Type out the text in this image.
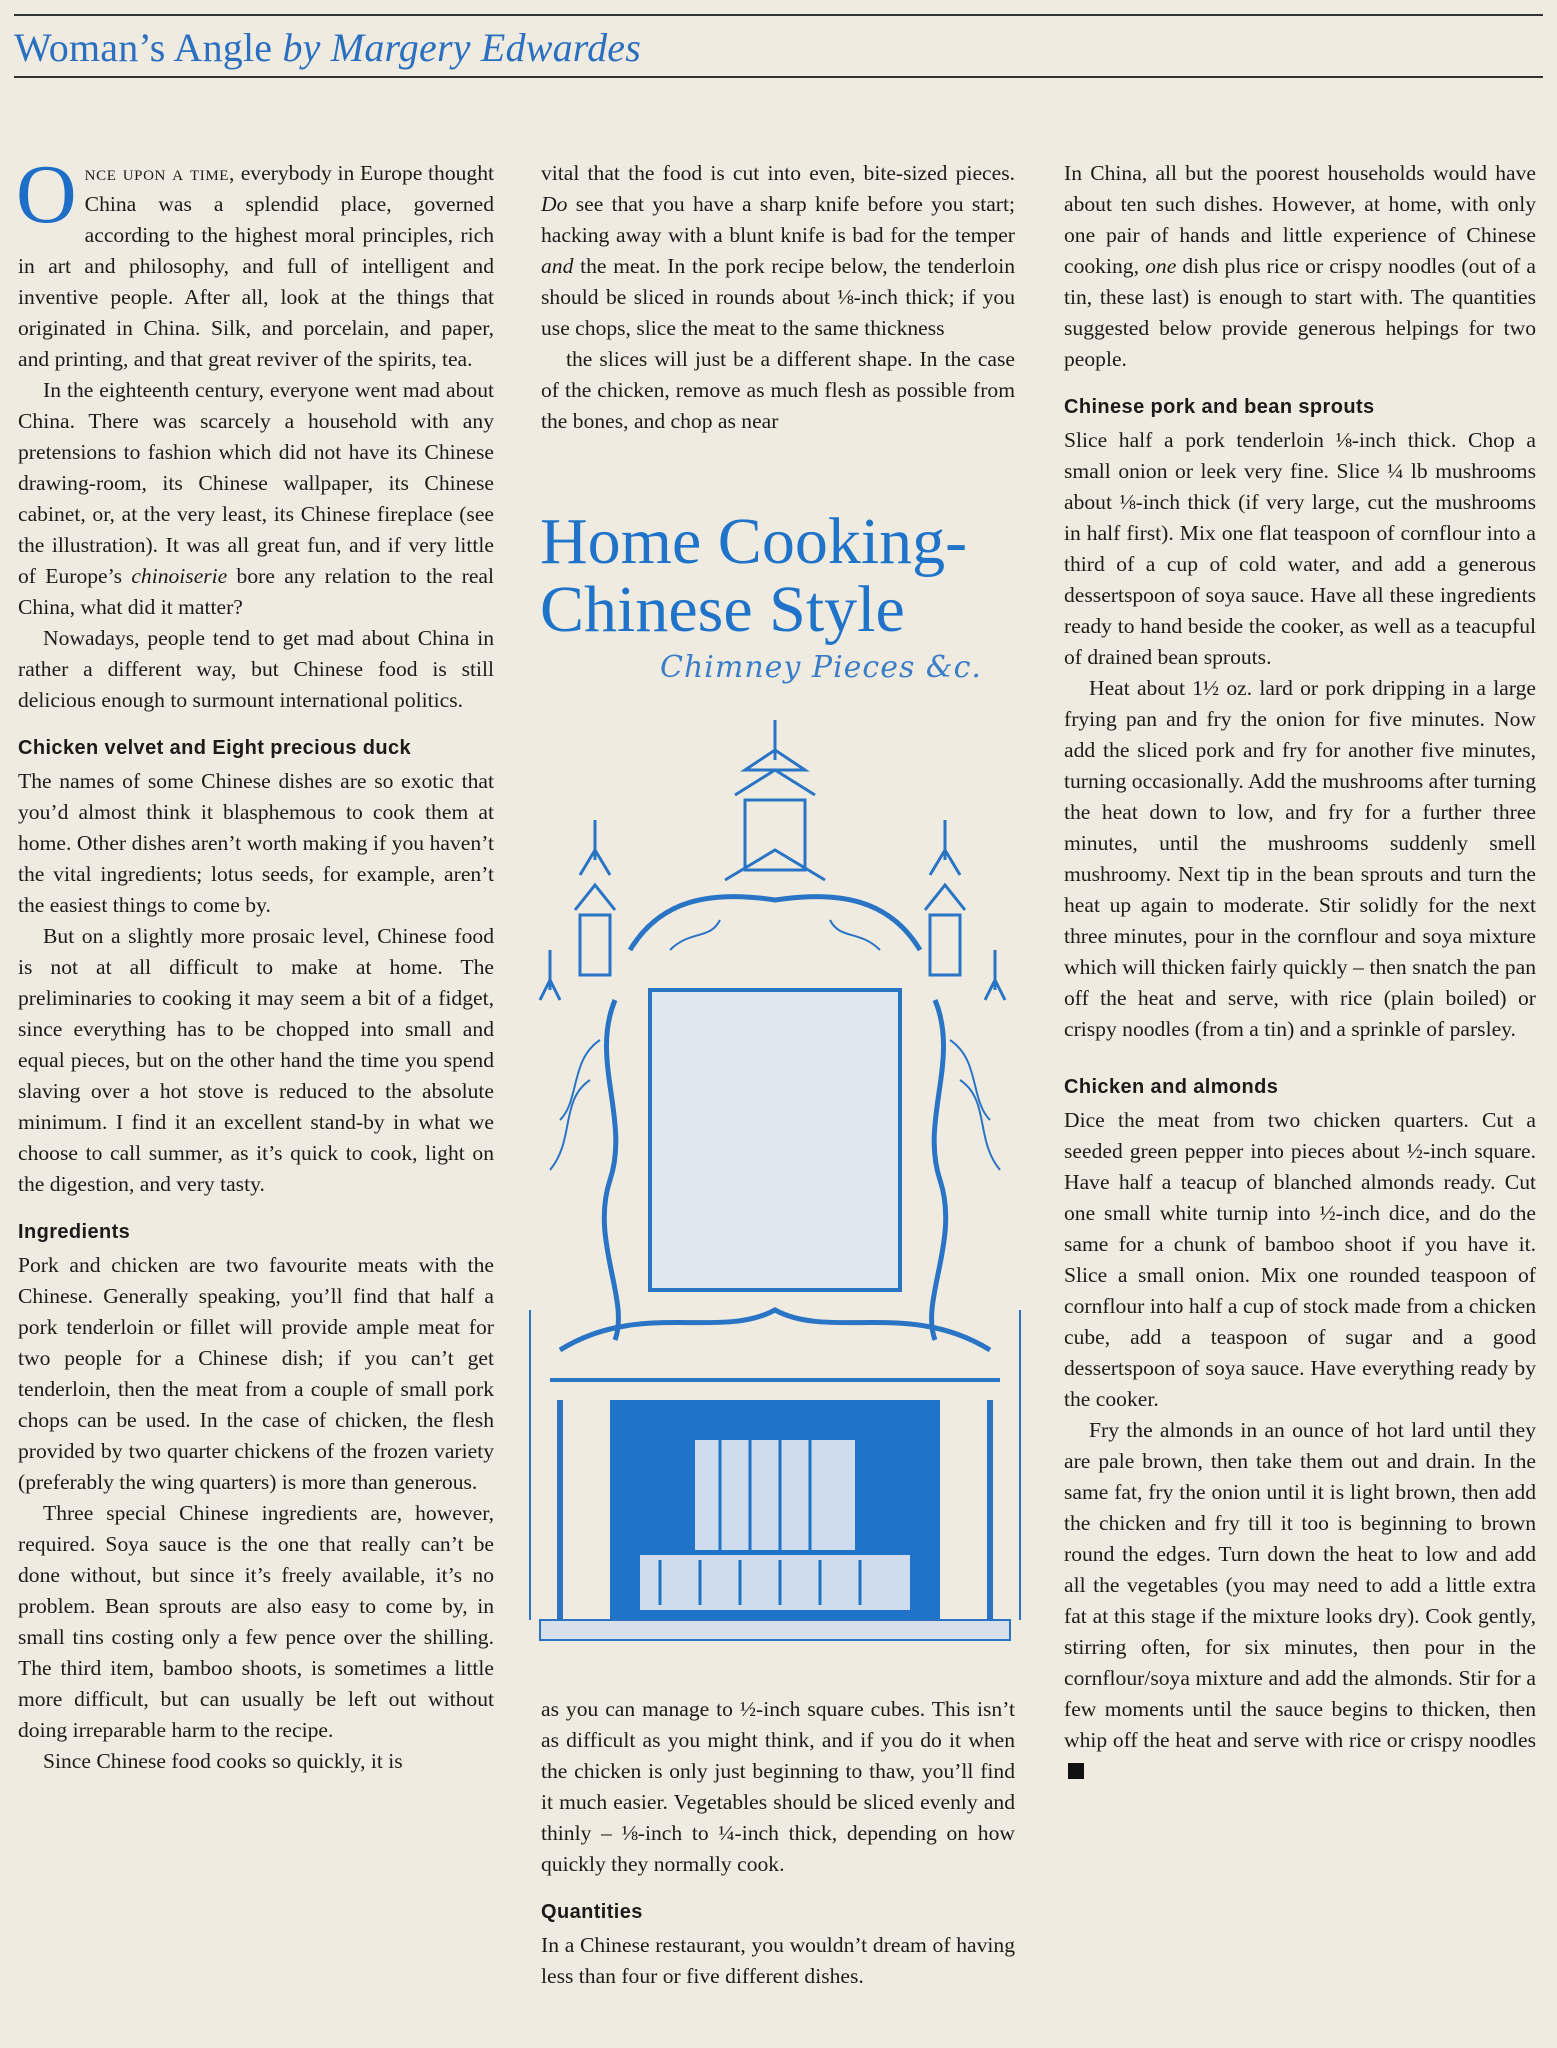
Woman’s Angle by Margery Edwardes

Once upon a time, everybody in Europe thought China was a splendid place, governed according to the highest moral principles, rich in art and philosophy, and full of intelligent and inventive people. After all, look at the things that originated in China. Silk, and porcelain, and paper, and printing, and that great reviver of the spirits, tea.

In the eighteenth century, everyone went mad about China. There was scarcely a household with any pretensions to fashion which did not have its Chinese drawing-room, its Chinese wallpaper, its Chinese cabinet, or, at the very least, its Chinese fireplace (see the illustration). It was all great fun, and if very little of Europe’s chinoiserie bore any relation to the real China, what did it matter?

Nowadays, people tend to get mad about China in rather a different way, but Chinese food is still delicious enough to surmount international politics.

Chicken velvet and Eight precious duck

The names of some Chinese dishes are so exotic that you’d almost think it blasphemous to cook them at home. Other dishes aren’t worth making if you haven’t the vital ingredients; lotus seeds, for example, aren’t the easiest things to come by.

But on a slightly more prosaic level, Chinese food is not at all difficult to make at home. The preliminaries to cooking it may seem a bit of a fidget, since everything has to be chopped into small and equal pieces, but on the other hand the time you spend slaving over a hot stove is reduced to the absolute minimum. I find it an excellent stand-by in what we choose to call summer, as it’s quick to cook, light on the digestion, and very tasty.

Ingredients

Pork and chicken are two favourite meats with the Chinese. Generally speaking, you’ll find that half a pork tenderloin or fillet will provide ample meat for two people for a Chinese dish; if you can’t get tenderloin, then the meat from a couple of small pork chops can be used. In the case of chicken, the flesh provided by two quarter chickens of the frozen variety (preferably the wing quarters) is more than generous.

Three special Chinese ingredients are, however, required. Soya sauce is the one that really can’t be done without, but since it’s freely available, it’s no problem. Bean sprouts are also easy to come by, in small tins costing only a few pence over the shilling. The third item, bamboo shoots, is sometimes a little more difficult, but can usually be left out without doing irreparable harm to the recipe.

Since Chinese food cooks so quickly, it is

vital that the food is cut into even, bite-sized pieces. Do see that you have a sharp knife before you start; hacking away with a blunt knife is bad for the temper and the meat. In the pork recipe below, the tenderloin should be sliced in rounds about ⅛-inch thick; if you use chops, slice the meat to the same thickness

the slices will just be a different shape. In the case of the chicken, remove as much flesh as possible from the bones, and chop as near

Home Cooking-
Chinese Style
Chimney Pieces &c.

as you can manage to ½-inch square cubes. This isn’t as difficult as you might think, and if you do it when the chicken is only just beginning to thaw, you’ll find it much easier. Vegetables should be sliced evenly and thinly – ⅛-inch to ¼-inch thick, depending on how quickly they normally cook.

Quantities

In a Chinese restaurant, you wouldn’t dream of having less than four or five different dishes.

In China, all but the poorest households would have about ten such dishes. However, at home, with only one pair of hands and little experience of Chinese cooking, one dish plus rice or crispy noodles (out of a tin, these last) is enough to start with. The quantities suggested below provide generous helpings for two people.

Chinese pork and bean sprouts

Slice half a pork tenderloin ⅛-inch thick. Chop a small onion or leek very fine. Slice ¼ lb mushrooms about ⅛-inch thick (if very large, cut the mushrooms in half first). Mix one flat teaspoon of cornflour into a third of a cup of cold water, and add a generous dessertspoon of soya sauce. Have all these ingredients ready to hand beside the cooker, as well as a teacupful of drained bean sprouts.

Heat about 1½ oz. lard or pork dripping in a large frying pan and fry the onion for five minutes. Now add the sliced pork and fry for another five minutes, turning occasionally. Add the mushrooms after turning the heat down to low, and fry for a further three minutes, until the mushrooms suddenly smell mushroomy. Next tip in the bean sprouts and turn the heat up again to moderate. Stir solidly for the next three minutes, pour in the cornflour and soya mixture which will thicken fairly quickly – then snatch the pan off the heat and serve, with rice (plain boiled) or crispy noodles (from a tin) and a sprinkle of parsley.

Chicken and almonds

Dice the meat from two chicken quarters. Cut a seeded green pepper into pieces about ½-inch square. Have half a teacup of blanched almonds ready. Cut one small white turnip into ½-inch dice, and do the same for a chunk of bamboo shoot if you have it. Slice a small onion. Mix one rounded teaspoon of cornflour into half a cup of stock made from a chicken cube, add a teaspoon of sugar and a good dessertspoon of soya sauce. Have everything ready by the cooker.

Fry the almonds in an ounce of hot lard until they are pale brown, then take them out and drain. In the same fat, fry the onion until it is light brown, then add the chicken and fry till it too is beginning to brown round the edges. Turn down the heat to low and add all the vegetables (you may need to add a little extra fat at this stage if the mixture looks dry). Cook gently, stirring often, for six minutes, then pour in the cornflour/soya mixture and add the almonds. Stir for a few moments until the sauce begins to thicken, then whip off the heat and serve with rice or crispy noodles
